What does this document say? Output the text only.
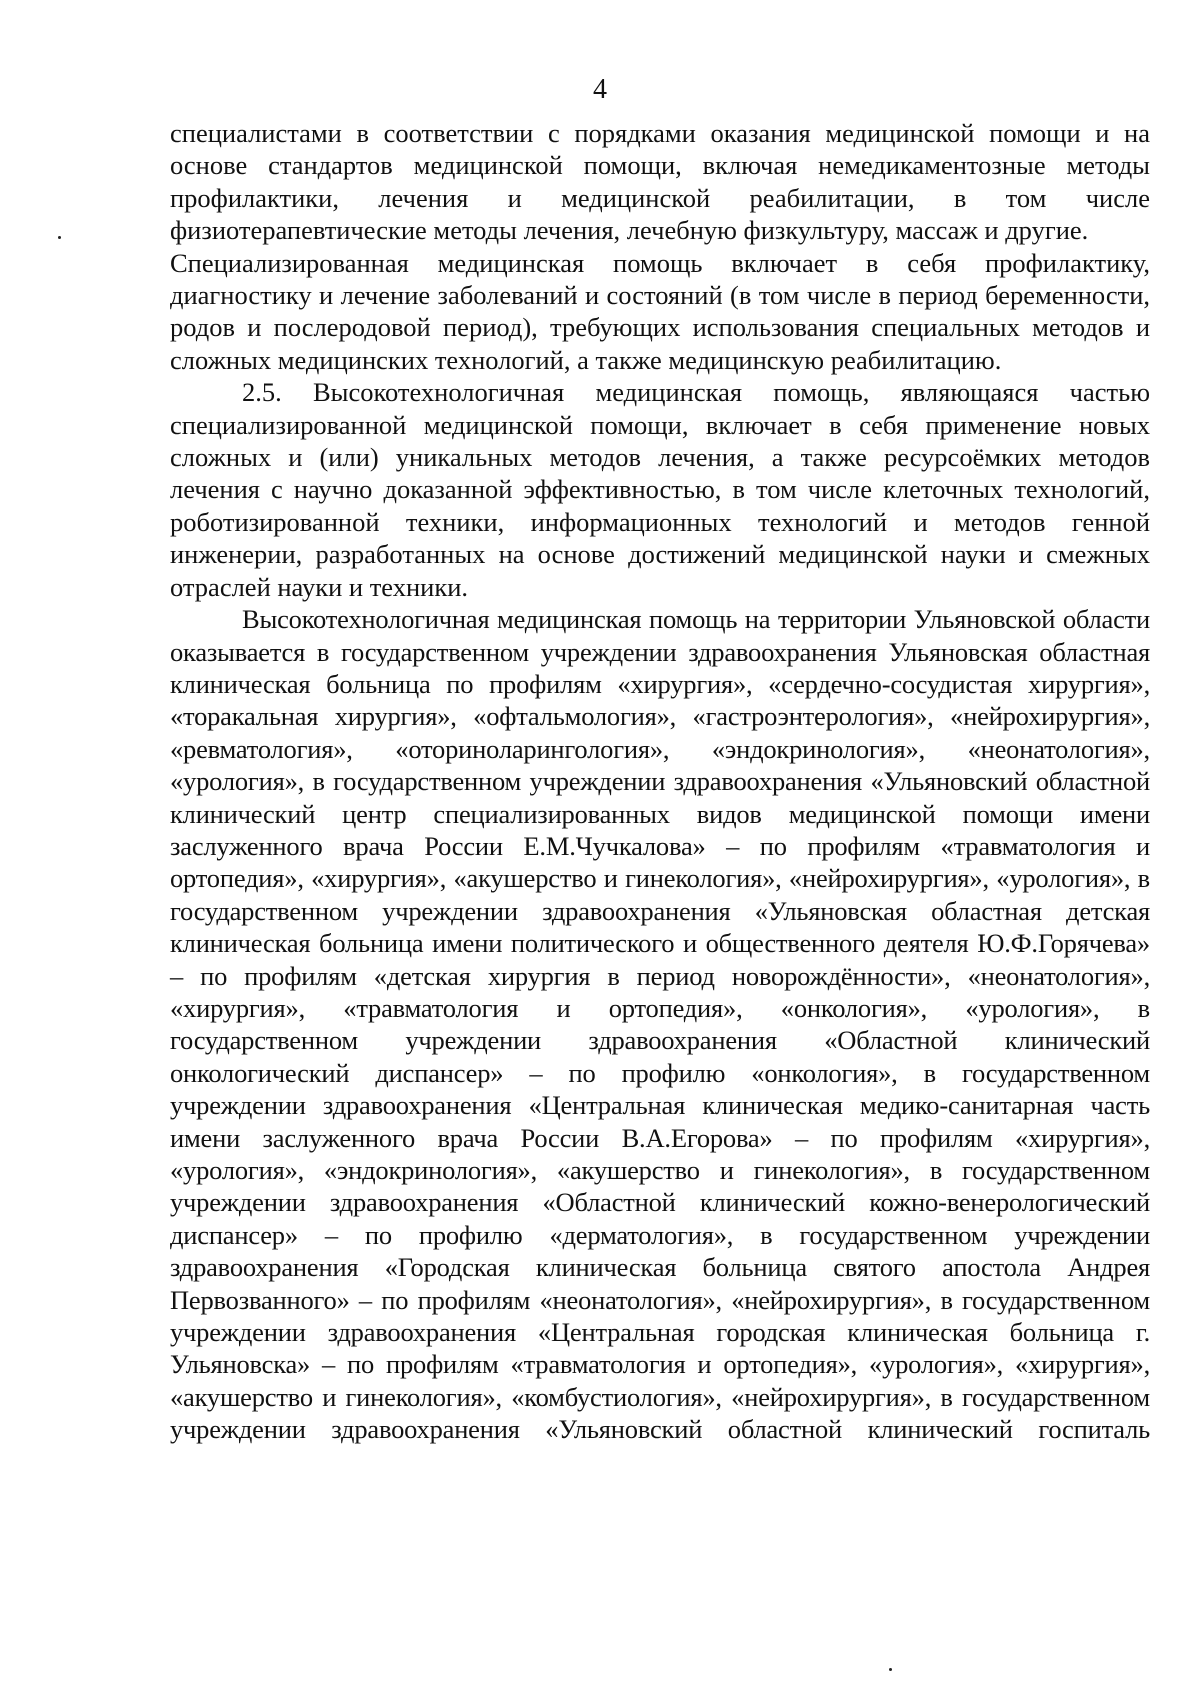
4

специалистами в соответствии с порядками оказания медицинской помощи и на основе стандартов медицинской помощи, включая немедикаментозные методы профилактики, лечения и медицинской реабилитации, в том числе физиотерапевтические методы лечения, лечебную физкультуру, массаж и другие.

Специализированная медицинская помощь включает в себя профилактику, диагностику и лечение заболеваний и состояний (в том числе в период беременности, родов и послеродовой период), требующих использования специальных методов и сложных медицинских технологий, а также медицинскую реабилитацию.

2.5. Высокотехнологичная медицинская помощь, являющаяся частью специализированной медицинской помощи, включает в себя применение новых сложных и (или) уникальных методов лечения, а также ресурсоёмких методов лечения с научно доказанной эффективностью, в том числе клеточных технологий, роботизированной техники, информационных технологий и методов генной инженерии, разработанных на основе достижений медицинской науки и смежных отраслей науки и техники.

Высокотехнологичная медицинская помощь на территории Ульяновской области оказывается в государственном учреждении здравоохранения Ульяновская областная клиническая больница по профилям «хирургия», «сердечно-сосудистая хирургия», «торакальная хирургия», «офтальмология», «гастроэнтерология», «нейрохирургия», «ревматология», «оториноларингология», «эндокринология», «неонатология», «урология», в государственном учреждении здравоохранения «Ульяновский областной клинический центр специализированных видов медицинской помощи имени заслуженного врача России Е.М.Чучкалова» – по профилям «травматология и ортопедия», «хирургия», «акушерство и гинекология», «нейрохирургия», «урология», в государственном учреждении здравоохранения «Ульяновская областная детская клиническая больница имени политического и общественного деятеля Ю.Ф.Горячева» – по профилям «детская хирургия в период новорождённости», «неонатология», «хирургия», «травматология и ортопедия», «онкология», «урология», в государственном учреждении здравоохранения «Областной клинический онкологический диспансер» – по профилю «онкология», в государственном учреждении здравоохранения «Центральная клиническая медико-санитарная часть имени заслуженного врача России В.А.Егорова» – по профилям «хирургия», «урология», «эндокринология», «акушерство и гинекология», в государственном учреждении здравоохранения «Областной клинический кожно-венерологический диспансер» – по профилю «дерматология», в государственном учреждении здравоохранения «Городская клиническая больница святого апостола Андрея Первозванного» – по профилям «неонатология», «нейрохирургия», в государственном учреждении здравоохранения «Центральная городская клиническая больница г. Ульяновска» – по профилям «травматология и ортопедия», «урология», «хирургия», «акушерство и гинекология», «комбустиология», «нейрохирургия», в государственном учреждении здравоохранения «Ульяновский областной клинический госпиталь
